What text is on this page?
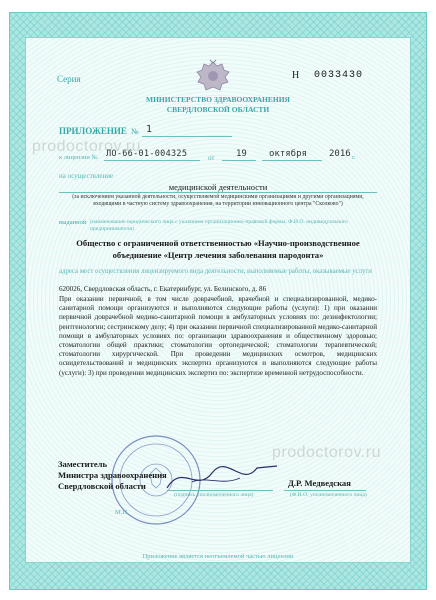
prodoctorov.ru
prodoctorov.ru
Серия	Н 0033430
МИНИСТЕРСТВО ЗДРАВООХРАНЕНИЯ
СВЕРДЛОВСКОЙ ОБЛАСТИ
ПРИЛОЖЕНИЕ № 1
к лицензии № ЛО-66-01-004325	от 19 октября 2016 г.
на осуществление
медицинской деятельности
(за исключением указанной деятельности, осуществляемой медицинскими организациями и другими организациями, входящими в частную систему здравоохранения, на территории инновационного центра "Сколково")
выданной (наименование юридического лица с указанием организационно-правовой формы, Ф.И.О. индивидуального предпринимателя)
Общество с ограниченной ответственностью «Научно-производственное
объединение «Центр лечения заболевания пародонта»
адреса мест осуществления лицензируемого вида деятельности, выполняемые работы, оказываемые услуги
620026, Свердловская область, г. Екатеринбург, ул. Белинского, д. 86
При оказании первичной, в том числе доврачебной, врачебной и специализированной, медико-санитарной помощи организуются и выполняются следующие работы (услуги): 1) при оказании первичной доврачебной медико-санитарной помощи в амбулаторных условиях по: дезинфектологии; рентгенологии; сестринскому делу; 4) при оказании первичной специализированной медико-санитарной помощи в амбулаторных условиях по: организации здравоохранения и общественному здоровью; стоматологии общей практики; стоматологии ортопедической; стоматологии терапевтической; стоматологии хирургической. При проведении медицинских осмотров, медицинских освидетельствований и медицинских экспертиз организуются и выполняются следующие работы (услуги): 3) при проведении медицинских экспертиз по: экспертизе временной нетрудоспособности.
Заместитель
Министра здравоохранения
Свердловской области
(подпись уполномоченного лица)
Д.Р. Медведская
(Ф.И.О. уполномоченного лица)
М.П.
Приложение является неотъемлемой частью лицензии
